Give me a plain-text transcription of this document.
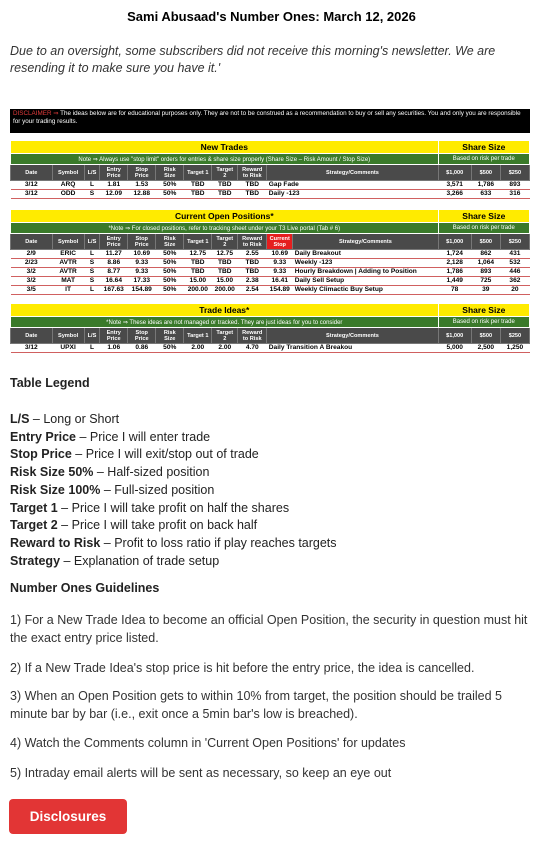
Sami Abusaad's Number Ones: March 12, 2026
Due to an oversight, some subscribers did not receive this morning's newsletter. We are resending it to make sure you have it.'
DISCLAIMER ⇒ The ideas below are for educational purposes only. They are not to be construed as a recommendation to buy or sell any securities. You and only you are responsible for your trading results.
New Trades										Share Size		
Note ⇒ Always use "stop limit" orders for entries & share size properly (Share Size – Risk Amount / Stop Size)										Based on risk per trade		
Date	Symbol	L/S	Entry Price	Stop Price	Risk Size	Target 1	Target 2	Reward to Risk	Strategy/Comments	$1,000	$500	$250
3/12	ARQ	L	1.81	1.53	50%	TBD	TBD	TBD	Gap Fade	3,571	1,786	893
3/12	ODD	S	12.09	12.88	50%	TBD	TBD	TBD	Daily -123	3,266	633	316
Current Open Positions*											Share Size		
*Note ⇒ For closed positions, refer to tracking sheet under your T3 Live portal (Tab # 6)											Based on risk per trade		
Date	Symbol	L/S	Entry Price	Stop Price	Risk Size	Target 1	Target 2	Reward to Risk	Current Stop	Strategy/Comments	$1,000	$500	$250
2/9	ERIC	L	11.27	10.69	50%	12.75	12.75	2.55	10.69	Daily Breakout	1,724	862	431
2/23	AVTR	S	8.86	9.33	50%	TBD	TBD	TBD	9.33	Weekly -123	2,128	1,064	532
3/2	AVTR	S	8.77	9.33	50%	TBD	TBD	TBD	9.33	Hourly Breakdown | Adding to Position	1,786	893	446
3/2	MAT	S	16.64	17.33	50%	15.00	15.00	2.38	16.41	Daily Sell Setup	1,449	725	362
3/5	IT	L	167.63	154.89	50%	200.00	200.00	2.54	154.89	Weekly Climactic Buy Setup	78	39	20
Trade Ideas*										Share Size		
*Note ⇒ These ideas are not managed or tracked. They are just ideas for you to consider										Based on risk per trade		
Date	Symbol	L/S	Entry Price	Stop Price	Risk Size	Target 1	Target 2	Reward to Risk	Strategy/Comments	$1,000	$500	$250
3/12	UPXI	L	1.06	0.86	50%	2.00	2.00	4.70	Daily Transition A Breakou	5,000	2,500	1,250
Table Legend
L/S – Long or Short
Entry Price – Price I will enter trade
Stop Price – Price I will exit/stop out of trade
Risk Size 50% – Half-sized position
Risk Size 100% – Full-sized position
Target 1 – Price I will take profit on half the shares
Target 2 – Price I will take profit on back half
Reward to Risk – Profit to loss ratio if play reaches targets
Strategy – Explanation of trade setup
Number Ones Guidelines
1) For a New Trade Idea to become an official Open Position, the security in question must hit the exact entry price listed.
2) If a New Trade Idea's stop price is hit before the entry price, the idea is cancelled.
3) When an Open Position gets to within 10% from target, the position should be trailed 5 minute bar by bar (i.e., exit once a 5min bar's low is breached).
4) Watch the Comments column in 'Current Open Positions' for updates
5) Intraday email alerts will be sent as necessary, so keep an eye out
Disclosures
